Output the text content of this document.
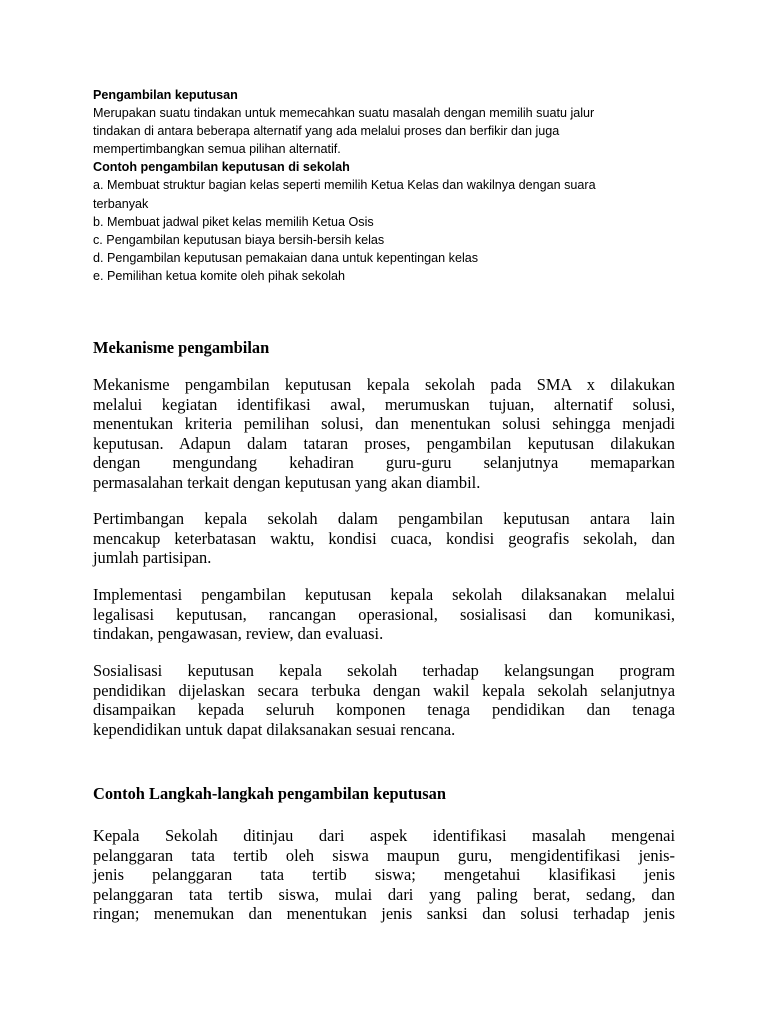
Pengambilan keputusan

Merupakan suatu tindakan untuk memecahkan suatu masalah dengan memilih suatu jalur

tindakan di antara beberapa alternatif yang ada melalui proses dan berfikir dan juga

mempertimbangkan semua pilihan alternatif.

Contoh pengambilan keputusan di sekolah

a. Membuat struktur bagian kelas seperti memilih Ketua Kelas dan wakilnya dengan suara

terbanyak

b. Membuat jadwal piket kelas memilih Ketua Osis

c. Pengambilan keputusan biaya bersih-bersih kelas

d. Pengambilan keputusan pemakaian dana untuk kepentingan kelas

e. Pemilihan ketua komite oleh pihak sekolah

Mekanisme pengambilan
Mekanisme pengambilan keputusan kepala sekolah pada SMA x dilakukan
melalui kegiatan identifikasi awal, merumuskan tujuan, alternatif solusi,
menentukan kriteria pemilihan solusi, dan menentukan solusi sehingga menjadi
keputusan. Adapun dalam tataran proses, pengambilan keputusan dilakukan
dengan mengundang kehadiran guru-guru selanjutnya memaparkan
permasalahan terkait dengan keputusan yang akan diambil.
Pertimbangan kepala sekolah dalam pengambilan keputusan antara lain
mencakup keterbatasan waktu, kondisi cuaca, kondisi geografis sekolah, dan
jumlah partisipan.
Implementasi pengambilan keputusan kepala sekolah dilaksanakan melalui
legalisasi keputusan, rancangan operasional, sosialisasi dan komunikasi,
tindakan, pengawasan, review, dan evaluasi.
Sosialisasi keputusan kepala sekolah terhadap kelangsungan program
pendidikan dijelaskan secara terbuka dengan wakil kepala sekolah selanjutnya
disampaikan kepada seluruh komponen tenaga pendidikan dan tenaga
kependidikan untuk dapat dilaksanakan sesuai rencana.
Contoh Langkah-langkah pengambilan keputusan
Kepala Sekolah ditinjau dari aspek identifikasi masalah mengenai
pelanggaran tata tertib oleh siswa maupun guru, mengidentifikasi jenis-
jenis pelanggaran tata tertib siswa; mengetahui klasifikasi jenis
pelanggaran tata tertib siswa, mulai dari yang paling berat, sedang, dan
ringan; menemukan dan menentukan jenis sanksi dan solusi terhadap jenis
